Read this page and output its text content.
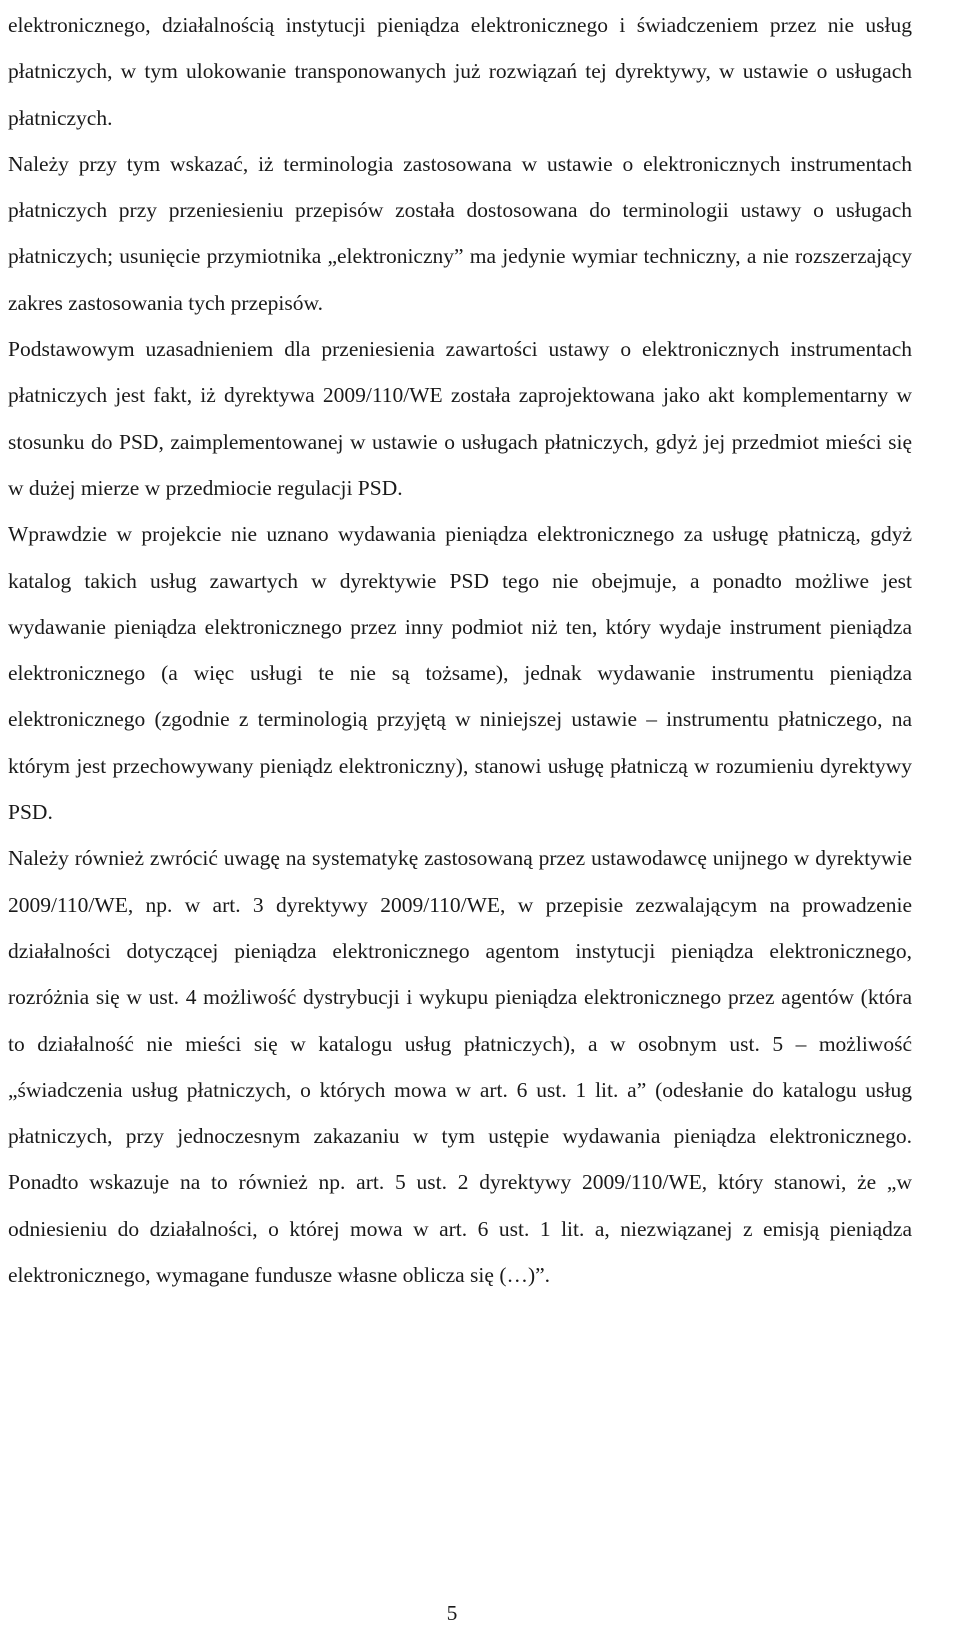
elektronicznego, działalnością instytucji pieniądza elektronicznego i świadczeniem przez nie usług płatniczych, w tym ulokowanie transponowanych już rozwiązań tej dyrektywy, w ustawie o usługach płatniczych.

Należy przy tym wskazać, iż terminologia zastosowana w ustawie o elektronicznych instrumentach płatniczych przy przeniesieniu przepisów została dostosowana do terminologii ustawy o usługach płatniczych; usunięcie przymiotnika „elektroniczny” ma jedynie wymiar techniczny, a nie rozszerzający zakres zastosowania tych przepisów.

Podstawowym uzasadnieniem dla przeniesienia zawartości ustawy o elektronicznych instrumentach płatniczych jest fakt, iż dyrektywa 2009/110/WE została zaprojektowana jako akt komplementarny w stosunku do PSD, zaimplementowanej w ustawie o usługach płatniczych, gdyż jej przedmiot mieści się w dużej mierze w przedmiocie regulacji PSD.

Wprawdzie w projekcie nie uznano wydawania pieniądza elektronicznego za usługę płatniczą, gdyż katalog takich usług zawartych w dyrektywie PSD tego nie obejmuje, a ponadto możliwe jest wydawanie pieniądza elektronicznego przez inny podmiot niż ten, który wydaje instrument pieniądza elektronicznego (a więc usługi te nie są tożsame), jednak wydawanie instrumentu pieniądza elektronicznego (zgodnie z terminologią przyjętą w niniejszej ustawie – instrumentu płatniczego, na którym jest przechowywany pieniądz elektroniczny), stanowi usługę płatniczą w rozumieniu dyrektywy PSD.

Należy również zwrócić uwagę na systematykę zastosowaną przez ustawodawcę unijnego w dyrektywie 2009/110/WE, np. w art. 3 dyrektywy 2009/110/WE, w przepisie zezwalającym na prowadzenie działalności dotyczącej pieniądza elektronicznego agentom instytucji pieniądza elektronicznego, rozróżnia się w ust. 4 możliwość dystrybucji i wykupu pieniądza elektronicznego przez agentów (która to działalność nie mieści się w katalogu usług płatniczych), a w osobnym ust. 5 – możliwość „świadczenia usług płatniczych, o których mowa w art. 6 ust. 1 lit. a” (odesłanie do katalogu usług płatniczych, przy jednoczesnym zakazaniu w tym ustępie wydawania pieniądza elektronicznego. Ponadto wskazuje na to również np. art. 5 ust. 2 dyrektywy 2009/110/WE, który stanowi, że „w odniesieniu do działalności, o której mowa w art. 6 ust. 1 lit. a, niezwiązanej z emisją pieniądza elektronicznego, wymagane fundusze własne oblicza się (…)”.

5
